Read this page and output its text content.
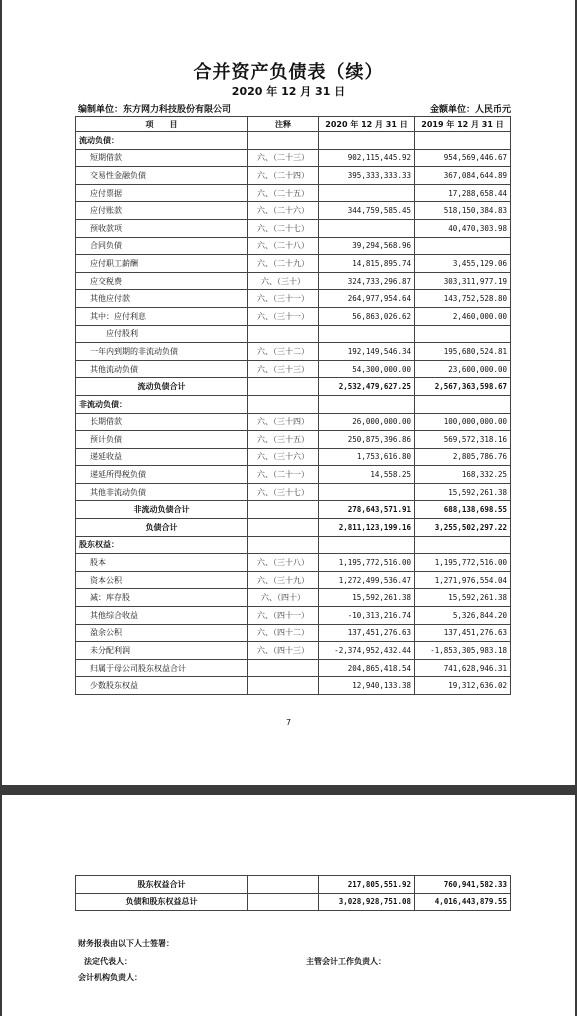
合并资产负债表（续）
2020 年 12 月 31 日
编制单位：东方网力科技股份有限公司	金额单位：人民币元
项　　目	注释	2020 年 12 月 31 日	2019 年 12 月 31 日
流动负债：			
短期借款	六、（二十三）	902,115,445.92	954,569,446.67
交易性金融负债	六、（二十四）	395,333,333.33	367,084,644.89
应付票据	六、（二十五）		17,288,658.44
应付账款	六、（二十六）	344,759,585.45	518,150,384.83
预收款项	六、（二十七）		40,470,303.98
合同负债	六、（二十八）	39,294,568.96	
应付职工薪酬	六、（二十九）	14,815,895.74	3,455,129.06
应交税费	六、（三十）	324,733,296.87	303,311,977.19
其他应付款	六、（三十一）	264,977,954.64	143,752,528.80
其中：应付利息	六、（三十一）	56,863,026.62	2,460,000.00
应付股利			
一年内到期的非流动负债	六、（三十二）	192,149,546.34	195,680,524.81
其他流动负债	六、（三十三）	54,300,000.00	23,600,000.00
流动负债合计		2,532,479,627.25	2,567,363,598.67
非流动负债：			
长期借款	六、（三十四）	26,000,000.00	100,000,000.00
预计负债	六、（三十五）	250,875,396.86	569,572,318.16
递延收益	六、（三十六）	1,753,616.80	2,805,786.76
递延所得税负债	六、（二十一）	14,558.25	168,332.25
其他非流动负债	六、（三十七）		15,592,261.38
非流动负债合计		278,643,571.91	688,138,698.55
负债合计		2,811,123,199.16	3,255,502,297.22
股东权益：			
股本	六、（三十八）	1,195,772,516.00	1,195,772,516.00
资本公积	六、（三十九）	1,272,499,536.47	1,271,976,554.04
减：库存股	六、（四十）	15,592,261.38	15,592,261.38
其他综合收益	六、（四十一）	-10,313,216.74	5,326,844.20
盈余公积	六、（四十二）	137,451,276.63	137,451,276.63
未分配利润	六、（四十三）	-2,374,952,432.44	-1,853,305,983.18
归属于母公司股东权益合计		204,865,418.54	741,628,946.31
少数股东权益		12,940,133.38	19,312,636.02
7
股东权益合计		217,805,551.92	760,941,582.33
负债和股东权益总计		3,028,928,751.08	4,016,443,879.55
财务报表由以下人士签署：
法定代表人：	主管会计工作负责人：
会计机构负责人：
